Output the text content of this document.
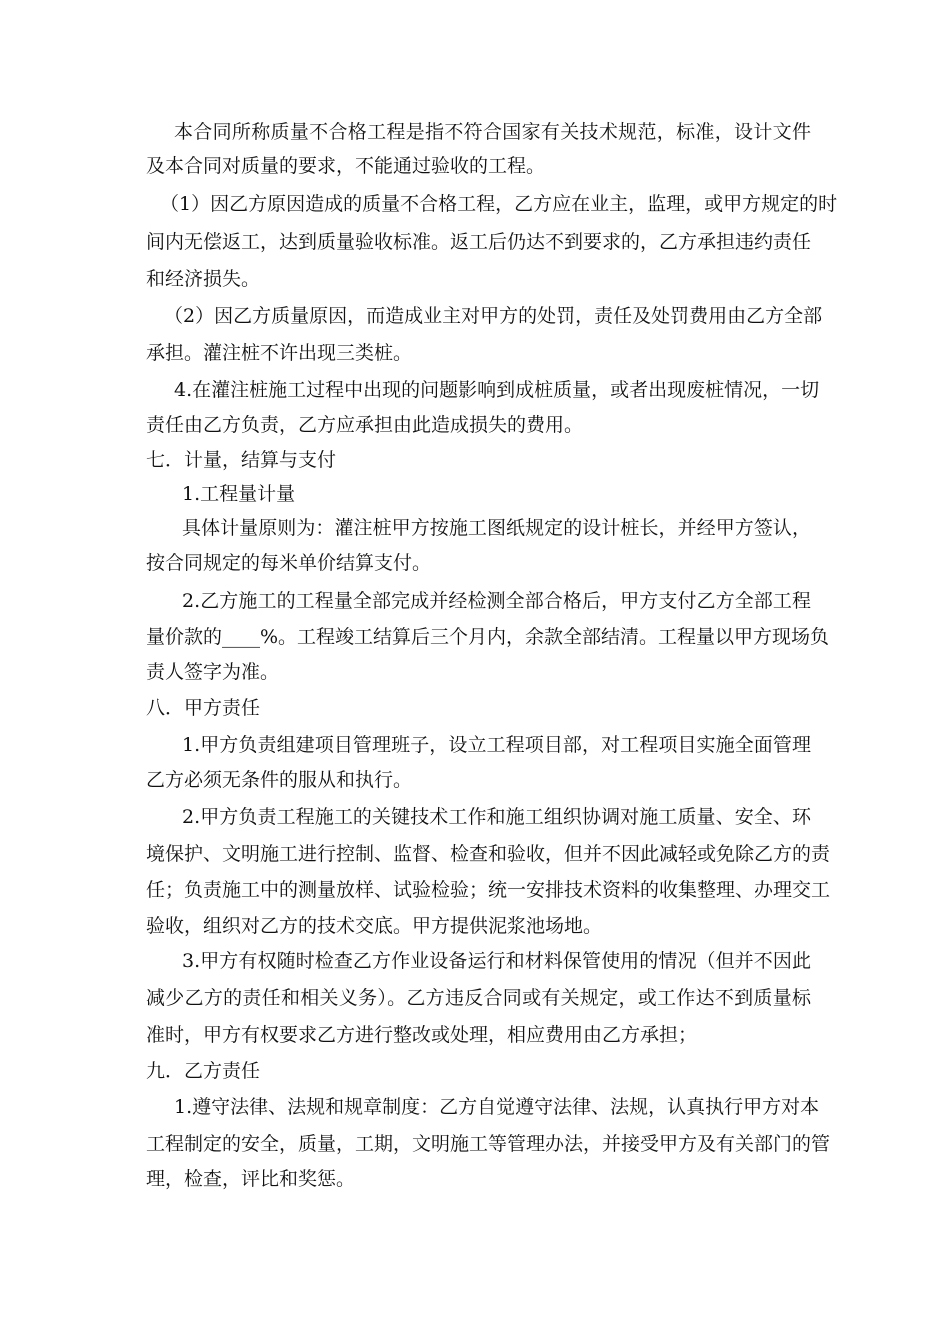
本合同所称质量不合格工程是指不符合国家有关技术规范，标准，设计文件
及本合同对质量的要求，不能通过验收的工程。
（1）因乙方原因造成的质量不合格工程，乙方应在业主，监理，或甲方规定的时
间内无偿返工，达到质量验收标准。返工后仍达不到要求的，乙方承担违约责任
和经济损失。
（2）因乙方质量原因，而造成业主对甲方的处罚，责任及处罚费用由乙方全部
承担。灌注桩不许出现三类桩。
4.在灌注桩施工过程中出现的问题影响到成桩质量，或者出现废桩情况，一切
责任由乙方负责，乙方应承担由此造成损失的费用。
七．计量，结算与支付
1.工程量计量
具体计量原则为：灌注桩甲方按施工图纸规定的设计桩长，并经甲方签认，
按合同规定的每米单价结算支付。
2.乙方施工的工程量全部完成并经检测全部合格后，甲方支付乙方全部工程
量价款的____%。工程竣工结算后三个月内，余款全部结清。工程量以甲方现场负
责人签字为准。
八．甲方责任
1.甲方负责组建项目管理班子，设立工程项目部，对工程项目实施全面管理
乙方必须无条件的服从和执行。
2.甲方负责工程施工的关键技术工作和施工组织协调对施工质量、安全、环
境保护、文明施工进行控制、监督、检查和验收，但并不因此减轻或免除乙方的责
任；负责施工中的测量放样、试验检验；统一安排技术资料的收集整理、办理交工
验收，组织对乙方的技术交底。甲方提供泥浆池场地。
3.甲方有权随时检查乙方作业设备运行和材料保管使用的情况（但并不因此
减少乙方的责任和相关义务）。乙方违反合同或有关规定，或工作达不到质量标
准时，甲方有权要求乙方进行整改或处理，相应费用由乙方承担；
九．乙方责任
1.遵守法律、法规和规章制度：乙方自觉遵守法律、法规，认真执行甲方对本
工程制定的安全，质量，工期，文明施工等管理办法，并接受甲方及有关部门的管
理，检查，评比和奖惩。
